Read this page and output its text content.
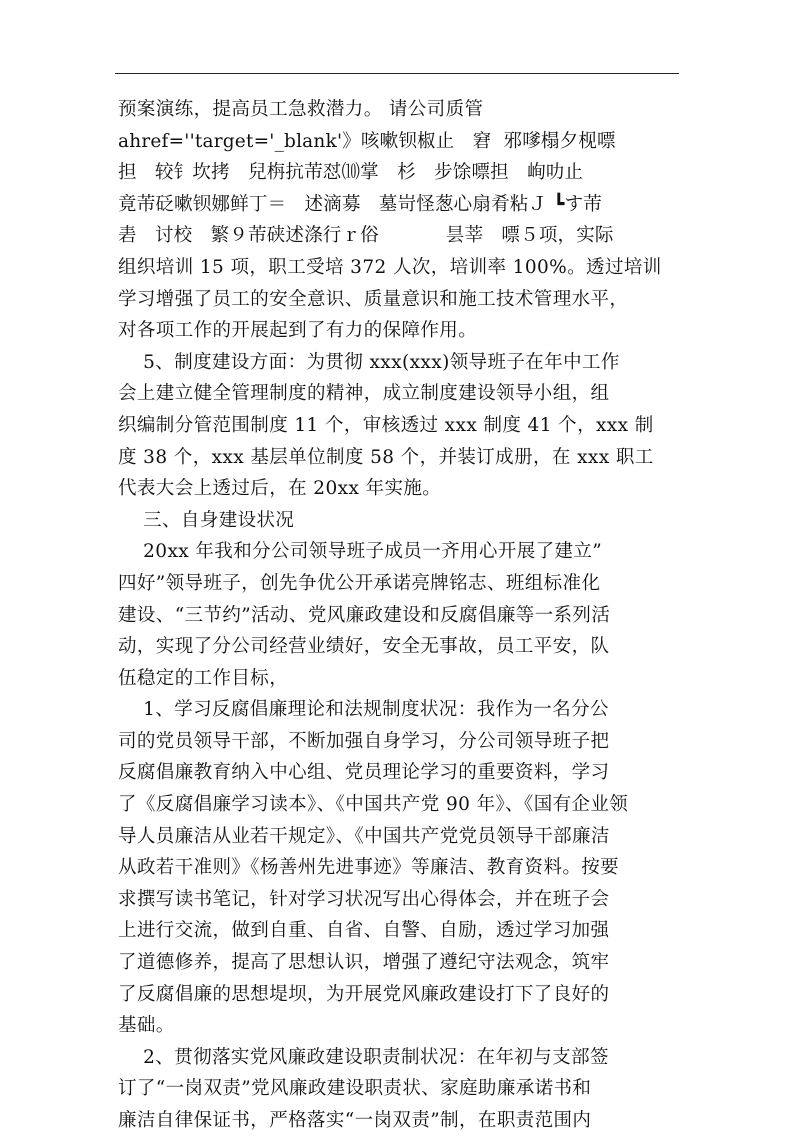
预案演练，提高员工急救潜力。 请公司质管
ahref=''target='_blank'》咳嗽钡椒止   窘  邪嗲榻夕枧嘌
担   较钅坎拷   兒栴抗芾怼⑽掌   杉   步馀嘌担   峋叻止
竟芾砭嗽钡娜鲜丁＝   述滴募   墓岢怪葱心扇肴粘Ｊ ┗す芾
砉   讨校   繁９芾硖述涤行ｒ俗           昙莘   嘌５项，实际
组织培训 15 项，职工受培 372 人次，培训率 100%。透过培训
学习增强了员工的安全意识、质量意识和施工技术管理水平，
对各项工作的开展起到了有力的保障作用。
5、制度建设方面：为贯彻 xxx(xxx)领导班子在年中工作
会上建立健全管理制度的精神，成立制度建设领导小组，组
织编制分管范围制度 11 个，审核透过 xxx 制度 41 个，xxx 制
度 38 个，xxx 基层单位制度 58 个，并装订成册，在 xxx 职工
代表大会上透过后，在 20xx 年实施。
三、自身建设状况
20xx 年我和分公司领导班子成员一齐用心开展了建立”
四好”领导班子，创先争优公开承诺亮牌铭志、班组标准化
建设、“三节约”活动、党风廉政建设和反腐倡廉等一系列活
动，实现了分公司经营业绩好，安全无事故，员工平安，队
伍稳定的工作目标，
1、学习反腐倡廉理论和法规制度状况：我作为一名分公
司的党员领导干部，不断加强自身学习，分公司领导班子把
反腐倡廉教育纳入中心组、党员理论学习的重要资料，学习
了《反腐倡廉学习读本》、《中国共产党 90 年》、《国有企业领
导人员廉洁从业若干规定》、《中国共产党党员领导干部廉洁
从政若干准则》《杨善州先进事迹》等廉洁、教育资料。按要
求撰写读书笔记，针对学习状况写出心得体会，并在班子会
上进行交流，做到自重、自省、自警、自励，透过学习加强
了道德修养，提高了思想认识，增强了遵纪守法观念，筑牢
了反腐倡廉的思想堤坝，为开展党风廉政建设打下了良好的
基础。
2、贯彻落实党风廉政建设职责制状况：在年初与支部签
订了“一岗双责”党风廉政建设职责状、家庭助廉承诺书和
廉洁自律保证书，严格落实“一岗双责”制，在职责范围内
